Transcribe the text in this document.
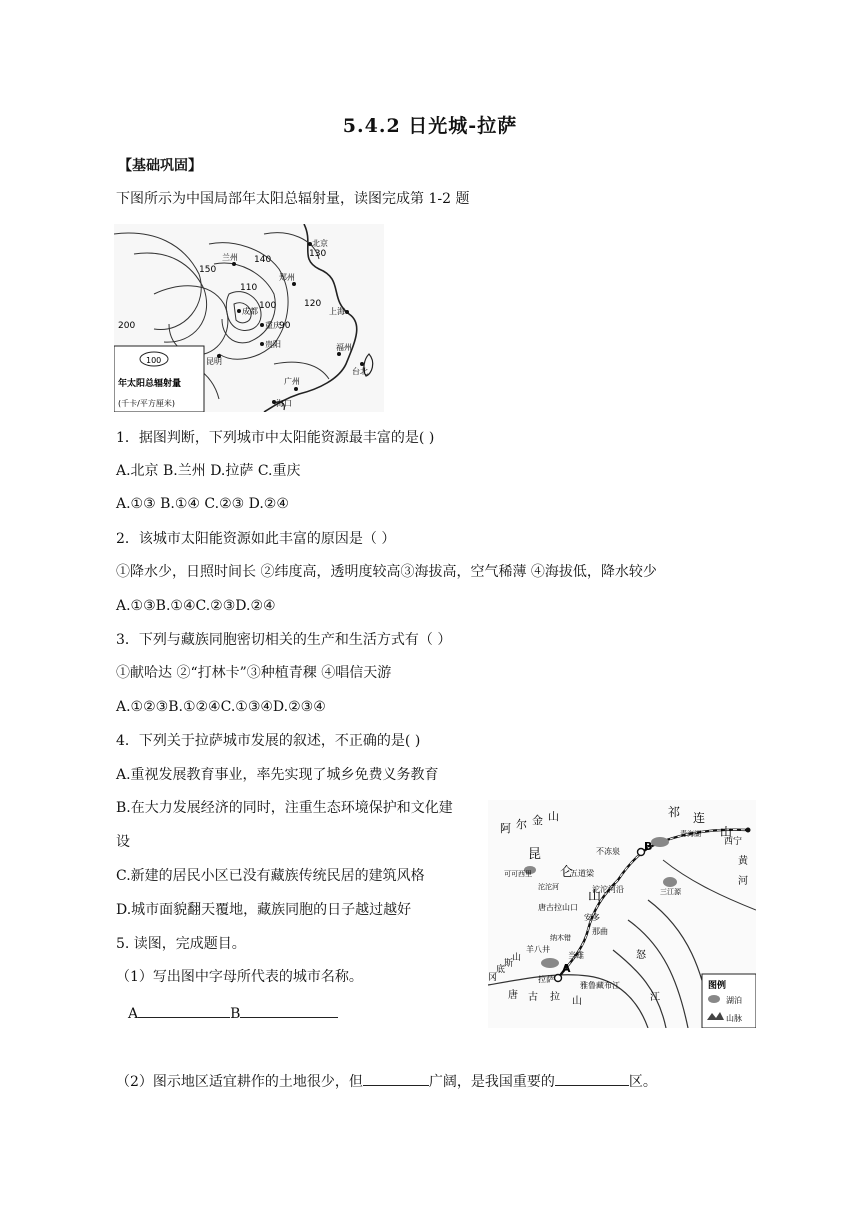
5.4.2 日光城-拉萨
【基础巩固】
下图所示为中国局部年太阳总辐射量，读图完成第 1-2 题
北京
兰州
郑州
成都
重庆
贵阳
上海
昆明
福州
广州
台北
海口
150
140
130
120
110
100
90
200
100
年太阳总辐射量
(千卡/平方厘米)
1．据图判断，下列城市中太阳能资源最丰富的是( )
A.北京 B.兰州 D.拉萨 C.重庆
A.①③ B.①④ C.②③ D.②④
2．该城市太阳能资源如此丰富的原因是（ ）
①降水少，日照时间长 ②纬度高，透明度较高③海拔高，空气稀薄 ④海拔低，降水较少
A.①③B.①④C.②③D.②④
3．下列与藏族同胞密切相关的生产和生活方式有（ ）
①献哈达 ②“打林卡”③种植青稞 ④唱信天游
A.①②③B.①②④C.①③④D.②③④
4．下列关于拉萨城市发展的叙述，不正确的是( )
A.重视发展教育事业，率先实现了城乡免费义务教育
B.在大力发展经济的同时，注重生态环境保护和文化建
设
C.新建的居民小区已没有藏族传统民居的建筑风格
D.城市面貌翻天覆地，藏族同胞的日子越过越好
5. 读图，完成题目。
（1）写出图中字母所代表的城市名称。
A	B
（2）图示地区适宜耕作的土地很少，但	广阔，是我国重要的	区。
A
B
阿 尔 金 山	祁 连
山
昆
仑
山
唐 古 拉 山
冈
底
斯
山
西宁
不冻泉
可可西里	五道梁
沱沱河	沱沱河沿
唐古拉山口
安多
那曲
羊八井
当雄
纳木错
拉萨
青海湖
三江源
黄
河
雅鲁藏布江
怒
江
图例
湖泊
山脉
